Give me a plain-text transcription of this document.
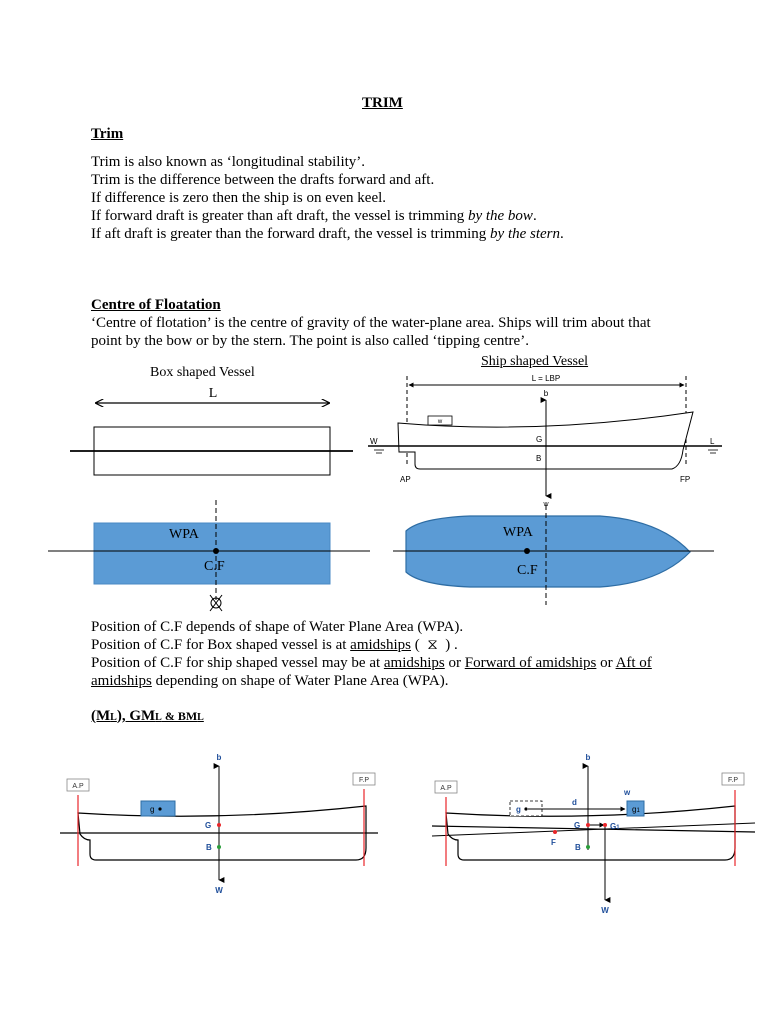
TRIM
Trim
Trim is also known as ‘longitudinal stability’.
Trim is the difference between the drafts forward and aft.
If difference is zero then the ship is on even keel.
If forward draft is greater than aft draft, the vessel is trimming by the bow.
If aft draft is greater than the forward draft, the vessel is trimming by the stern.
Centre of Floatation
‘Centre of flotation’ is the centre of gravity of the water-plane area. Ships will trim about that
point by the bow or by the stern. The point is also called ‘tipping centre’.
Box shaped Vessel
Ship shaped Vessel
L
WPA
C.F
L = LBP
w
W	L
b
G
B
w
AP	FP
WPA
C.F
Position of C.F depends of shape of Water Plane Area (WPA).
Position of C.F for Box shaped vessel is at amidships ( ⧖ ) .
Position of C.F for ship shaped vessel may be at amidships or Forward of amidships or Aft of
amidships depending on shape of Water Plane Area (WPA).
(ML), GML & BML
A.P
F.P
g
b
G
B
W
A.P
F.P
g
d
g1
w
b
G	G1
F
B
W
